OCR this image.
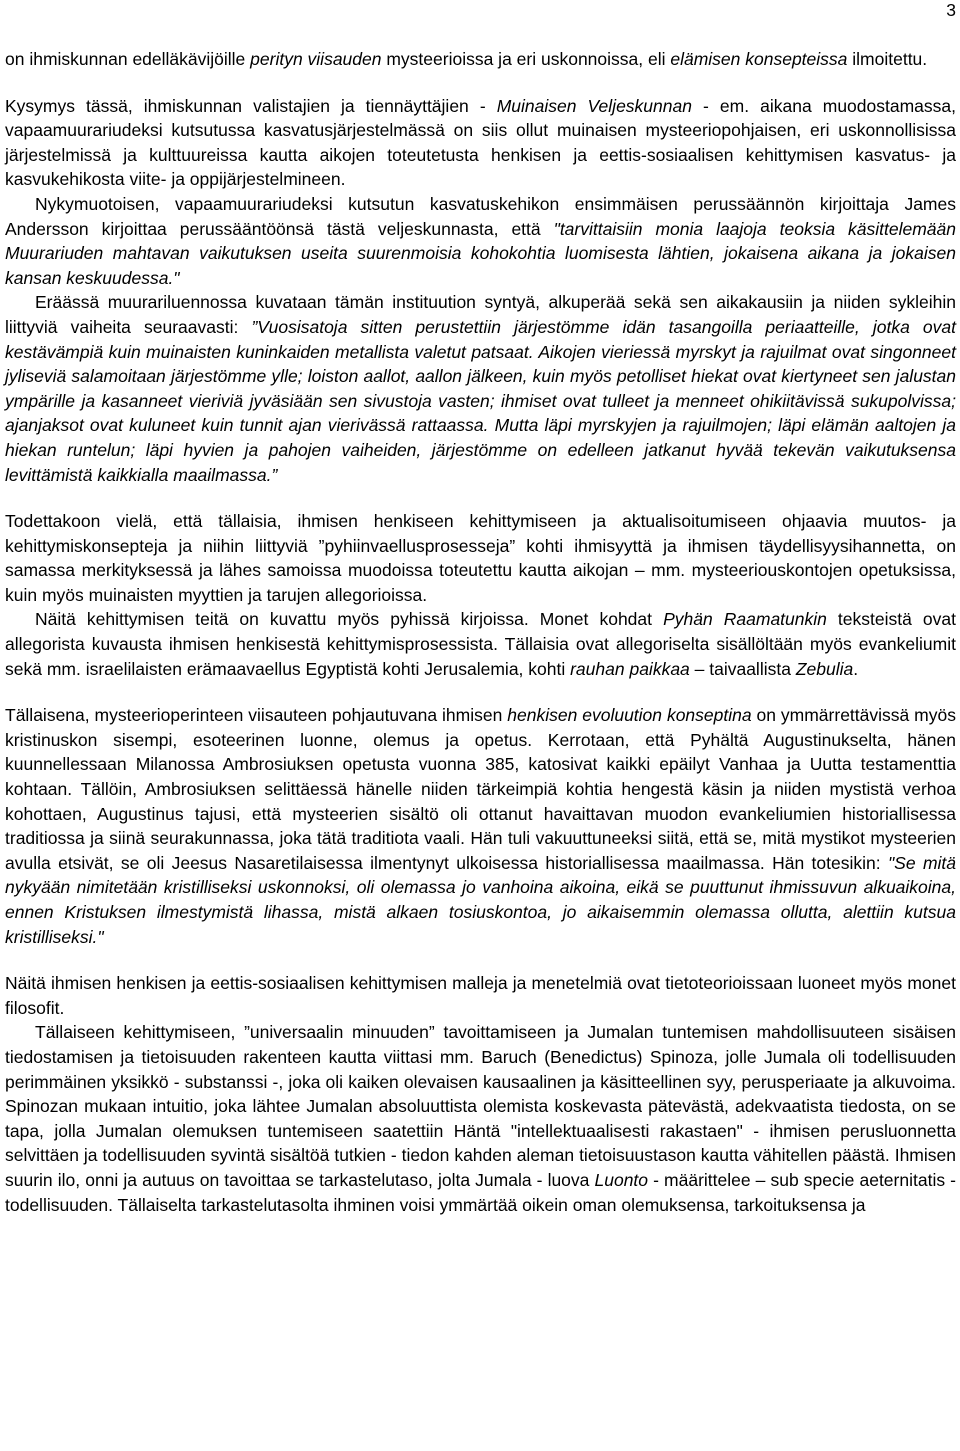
3

on ihmiskunnan edelläkävijöille perityn viisauden mysteerioissa ja eri uskonnoissa, eli elämisen konsepteissa ilmoitettu.

Kysymys tässä, ihmiskunnan valistajien ja tiennäyttäjien - Muinaisen Veljeskunnan - em. aikana muodostamassa, vapaamuurariudeksi kutsutussa kasvatusjärjestelmässä on siis ollut muinaisen mysteeriopohjaisen, eri uskonnollisissa järjestelmissä ja kulttuureissa kautta aikojen toteutetusta henkisen ja eettis-sosiaalisen kehittymisen kasvatus- ja kasvukehikosta viite- ja oppijärjestelmineen.

Nykymuotoisen, vapaamuurariudeksi kutsutun kasvatuskehikon ensimmäisen perussäännön kirjoittaja James Andersson kirjoittaa perussääntöönsä tästä veljeskunnasta, että "tarvittaisiin monia laajoja teoksia käsittelemään Muurariuden mahtavan vaikutuksen useita suurenmoisia kohokohtia luomisesta lähtien, jokaisena aikana ja jokaisen kansan keskuudessa."

Eräässä muurariluennossa kuvataan tämän instituution syntyä, alkuperää sekä sen aikakausiin ja niiden sykleihin liittyviä vaiheita seuraavasti: ”Vuosisatoja sitten perustettiin järjestömme idän tasangoilla periaatteille, jotka ovat kestävämpiä kuin muinaisten kuninkaiden metallista valetut patsaat. Aikojen vieriessä myrskyt ja rajuilmat ovat singonneet jyliseviä salamoitaan järjestömme ylle; loiston aallot, aallon jälkeen, kuin myös petolliset hiekat ovat kiertyneet sen jalustan ympärille ja kasanneet vieriviä jyväsiään sen sivustoja vasten; ihmiset ovat tulleet ja menneet ohikiitävissä sukupolvissa; ajanjaksot ovat kuluneet kuin tunnit ajan vierivässä rattaassa. Mutta läpi myrskyjen ja rajuilmojen; läpi elämän aaltojen ja hiekan runtelun; läpi hyvien ja pahojen vaiheiden, järjestömme on edelleen jatkanut hyvää tekevän vaikutuksensa levittämistä kaikkialla maailmassa.”

Todettakoon vielä, että tällaisia, ihmisen henkiseen kehittymiseen ja aktualisoitumiseen ohjaavia muutos- ja kehittymiskonsepteja ja niihin liittyviä ”pyhiinvaellusprosesseja” kohti ihmisyyttä ja ihmisen täydellisyysihannetta, on samassa merkityksessä ja lähes samoissa muodoissa toteutettu kautta aikojan – mm. mysteeriouskontojen opetuksissa, kuin myös muinaisten myyttien ja tarujen allegorioissa.

Näitä kehittymisen teitä on kuvattu myös pyhissä kirjoissa. Monet kohdat Pyhän Raamatunkin teksteistä ovat allegorista kuvausta ihmisen henkisestä kehittymisprosessista. Tällaisia ovat allegoriselta sisällöltään myös evankeliumit sekä mm. israelilaisten erämaavaellus Egyptistä kohti Jerusalemia, kohti rauhan paikkaa – taivaallista Zebulia.

Tällaisena, mysteerioperinteen viisauteen pohjautuvana ihmisen henkisen evoluution konseptina on ymmärrettävissä myös kristinuskon sisempi, esoteerinen luonne, olemus ja opetus. Kerrotaan, että Pyhältä Augustinukselta, hänen kuunnellessaan Milanossa Ambrosiuksen opetusta vuonna 385, katosivat kaikki epäilyt Vanhaa ja Uutta testamenttia kohtaan. Tällöin, Ambrosiuksen selittäessä hänelle niiden tärkeimpiä kohtia hengestä käsin ja niiden mystistä verhoa kohottaen, Augustinus tajusi, että mysteerien sisältö oli ottanut havaittavan muodon evankeliumien historiallisessa traditiossa ja siinä seurakunnassa, joka tätä traditiota vaali. Hän tuli vakuuttuneeksi siitä, että se, mitä mystikot mysteerien avulla etsivät, se oli Jeesus Nasaretilaisessa ilmentynyt ulkoisessa historiallisessa maailmassa. Hän totesikin: "Se mitä nykyään nimitetään kristilliseksi uskonnoksi, oli olemassa jo vanhoina aikoina, eikä se puuttunut ihmissuvun alkuaikoina, ennen Kristuksen ilmestymistä lihassa, mistä alkaen tosiuskontoa, jo aikaisemmin olemassa ollutta, alettiin kutsua kristilliseksi."

Näitä ihmisen henkisen ja eettis-sosiaalisen kehittymisen malleja ja menetelmiä ovat tietoteorioissaan luoneet myös monet filosofit.

Tällaiseen kehittymiseen, ”universaalin minuuden” tavoittamiseen ja Jumalan tuntemisen mahdollisuuteen sisäisen tiedostamisen ja tietoisuuden rakenteen kautta viittasi mm. Baruch (Benedictus) Spinoza, jolle Jumala oli todellisuuden perimmäinen yksikkö - substanssi -, joka oli kaiken olevaisen kausaalinen ja käsitteellinen syy, perusperiaate ja alkuvoima. Spinozan mukaan intuitio, joka lähtee Jumalan absoluuttista olemista koskevasta pätevästä, adekvaatista tiedosta, on se tapa, jolla Jumalan olemuksen tuntemiseen saatettiin Häntä "intellektuaalisesti rakastaen" - ihmisen perusluonnetta selvittäen ja todellisuuden syvintä sisältöä tutkien - tiedon kahden aleman tietoisuustason kautta vähitellen päästä. Ihmisen suurin ilo, onni ja autuus on tavoittaa se tarkastelutaso, jolta Jumala - luova Luonto - määrittelee – sub specie aeternitatis - todellisuuden. Tällaiselta tarkastelutasolta ihminen voisi ymmärtää oikein oman olemuksensa, tarkoituksensa ja
